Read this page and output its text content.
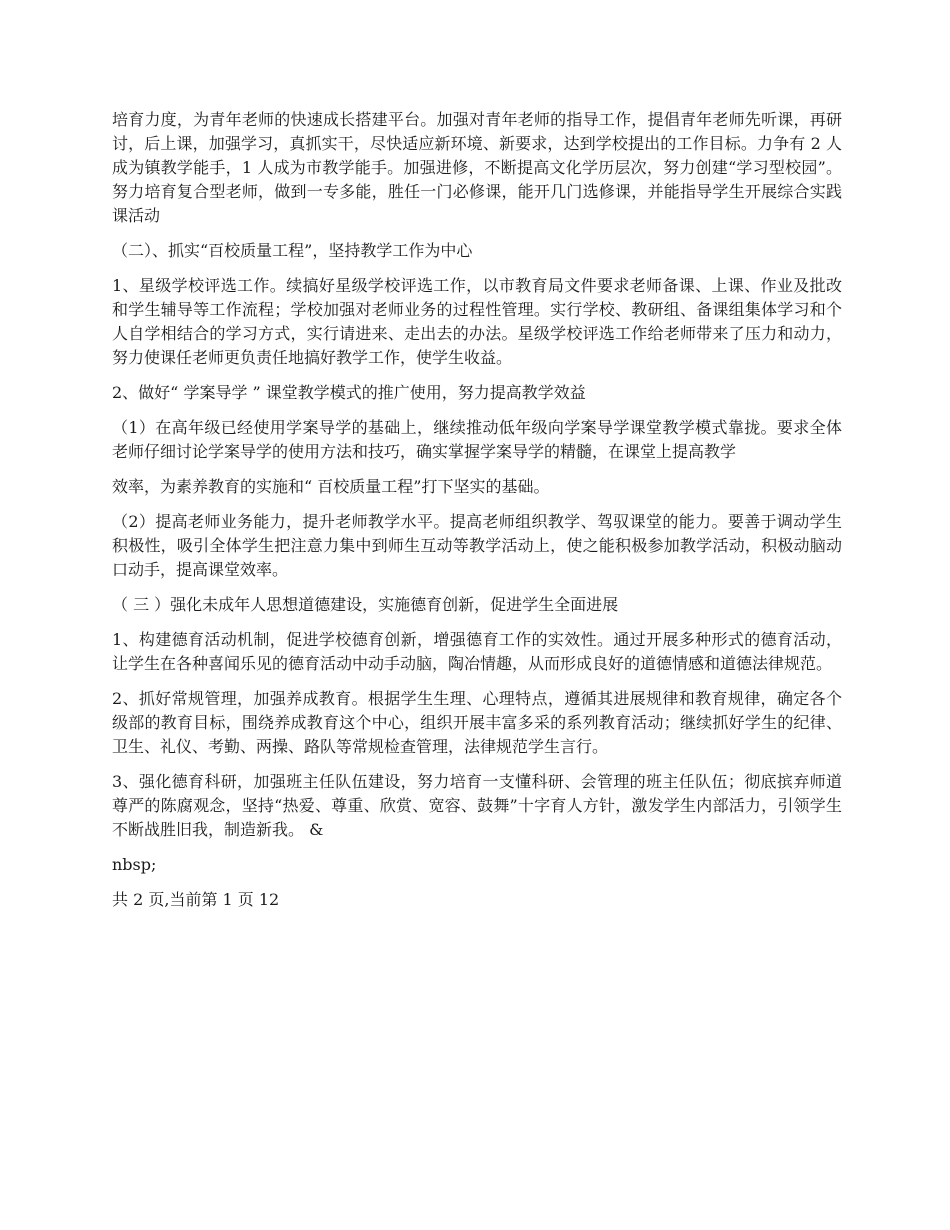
培育力度，为青年老师的快速成长搭建平台。加强对青年老师的指导工作，提倡青年老师先听课，再研讨，后上课，加强学习，真抓实干，尽快适应新环境、新要求，达到学校提出的工作目标。力争有 2 人成为镇教学能手，1 人成为市教学能手。加强进修，不断提高文化学历层次，努力创建“学习型校园”。努力培育复合型老师，做到一专多能，胜任一门必修课，能开几门选修课，并能指导学生开展综合实践课活动

（二）、抓实“百校质量工程”，坚持教学工作为中心

1、星级学校评选工作。续搞好星级学校评选工作，以市教育局文件要求老师备课、上课、作业及批改和学生辅导等工作流程；学校加强对老师业务的过程性管理。实行学校、教研组、备课组集体学习和个人自学相结合的学习方式，实行请进来、走出去的办法。星级学校评选工作给老师带来了压力和动力，努力使课任老师更负责任地搞好教学工作，使学生收益。

2、做好“ 学案导学 ” 课堂教学模式的推广使用，努力提高教学效益

（1）在高年级已经使用学案导学的基础上，继续推动低年级向学案导学课堂教学模式靠拢。要求全体老师仔细讨论学案导学的使用方法和技巧，确实掌握学案导学的精髓，在课堂上提高教学

效率，为素养教育的实施和“ 百校质量工程”打下坚实的基础。

（2）提高老师业务能力，提升老师教学水平。提高老师组织教学、驾驭课堂的能力。要善于调动学生积极性，吸引全体学生把注意力集中到师生互动等教学活动上，使之能积极参加教学活动，积极动脑动口动手，提高课堂效率。

（ 三 ）强化未成年人思想道德建设，实施德育创新，促进学生全面进展

1、构建德育活动机制，促进学校德育创新，增强德育工作的实效性。通过开展多种形式的德育活动，让学生在各种喜闻乐见的德育活动中动手动脑，陶冶情趣，从而形成良好的道德情感和道德法律规范。

2、抓好常规管理，加强养成教育。根据学生生理、心理特点，遵循其进展规律和教育规律，确定各个级部的教育目标，围绕养成教育这个中心，组织开展丰富多采的系列教育活动；继续抓好学生的纪律、卫生、礼仪、考勤、两操、路队等常规检查管理，法律规范学生言行。

3、强化德育科研，加强班主任队伍建设，努力培育一支懂科研、会管理的班主任队伍；彻底摈弃师道尊严的陈腐观念，坚持“热爱、尊重、欣赏、宽容、鼓舞”十字育人方针，激发学生内部活力，引领学生不断战胜旧我，制造新我。 &

nbsp;

共 2 页,当前第 1 页 12
